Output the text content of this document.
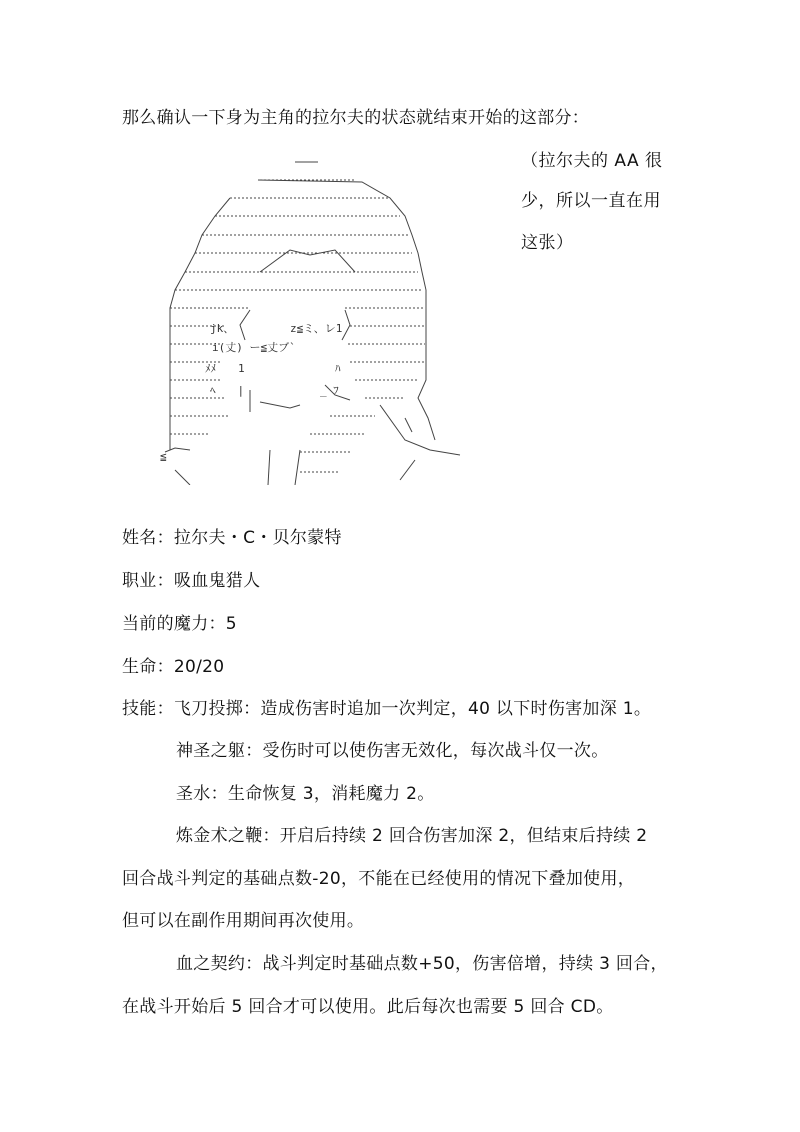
那么确认一下身为主角的拉尔夫的状态就结束开始的这部分：
（拉尔夫的 AA 很
少，所以一直在用
这张）
jk、	z≦ミ、レ1
i(丈) ー≦丈ブ`
ﾒﾒ　　1	ﾊ
ﾍ　　|	_ ﾌ
≦
姓名：拉尔夫・C・贝尔蒙特
职业：吸血鬼猎人
当前的魔力：5
生命：20/20
技能：飞刀投掷：造成伤害时追加一次判定，40 以下时伤害加深 1。
神圣之躯：受伤时可以使伤害无效化，每次战斗仅一次。
圣水：生命恢复 3，消耗魔力 2。
炼金术之鞭：开启后持续 2 回合伤害加深 2，但结束后持续 2
回合战斗判定的基础点数-20，不能在已经使用的情况下叠加使用，
但可以在副作用期间再次使用。
血之契约：战斗判定时基础点数+50，伤害倍增，持续 3 回合，
在战斗开始后 5 回合才可以使用。此后每次也需要 5 回合 CD。
